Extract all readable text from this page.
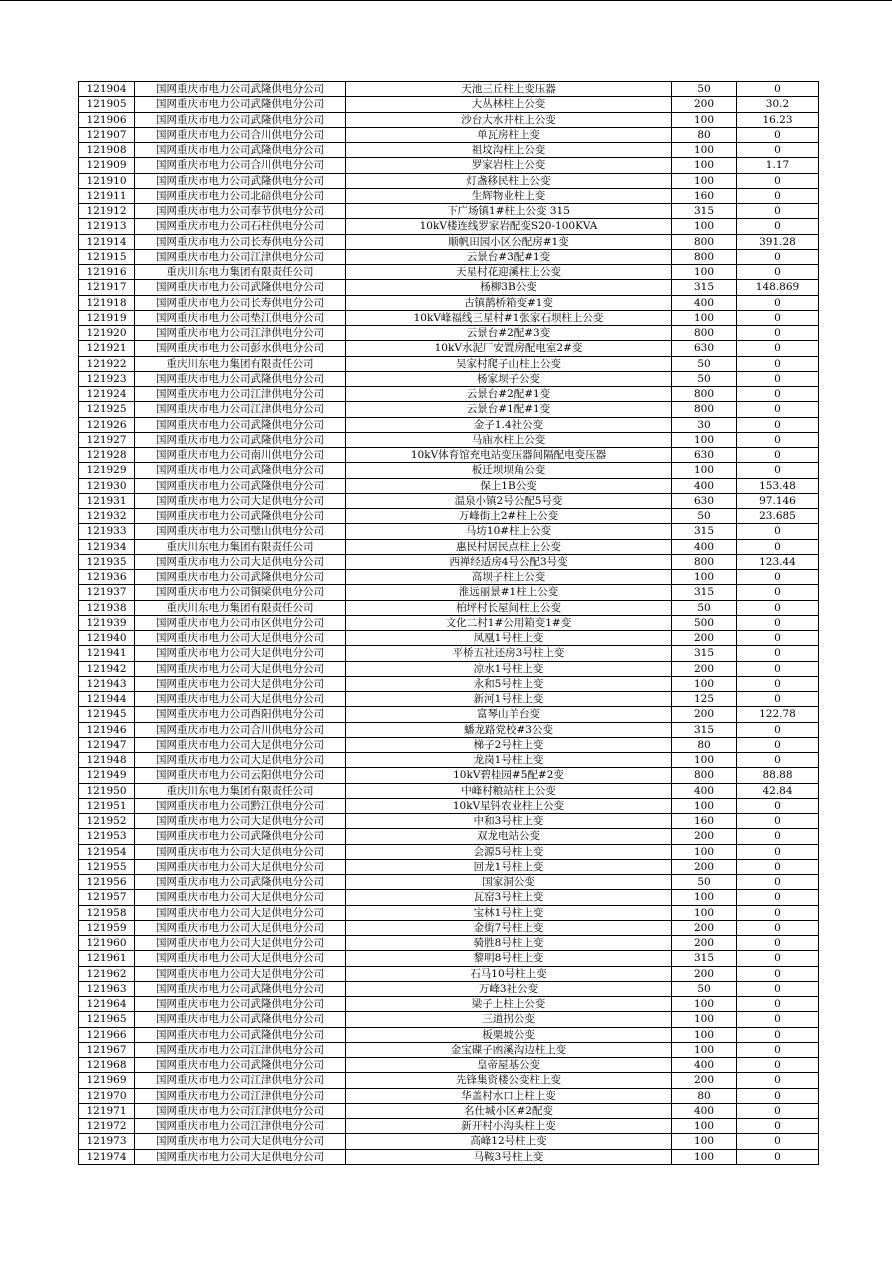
121904	国网重庆市电力公司武隆供电分公司	天池三丘柱上变压器	50	0
121905	国网重庆市电力公司武隆供电分公司	大丛林柱上公变	200	30.2
121906	国网重庆市电力公司武隆供电分公司	沙台大水井柱上公变	100	16.23
121907	国网重庆市电力公司合川供电分公司	单瓦房柱上变	80	0
121908	国网重庆市电力公司武隆供电分公司	祖坟沟柱上公变	100	0
121909	国网重庆市电力公司合川供电分公司	罗家岩柱上公变	100	1.17
121910	国网重庆市电力公司武隆供电分公司	灯盏移民柱上公变	100	0
121911	国网重庆市电力公司北碚供电分公司	生辉物业柱上变	160	0
121912	国网重庆市电力公司奉节供电分公司	下广场镇1#柱上公变 315	315	0
121913	国网重庆市电力公司石柱供电分公司	10kV楼连线罗家岩配变S20-100KVA	100	0
121914	国网重庆市电力公司长寿供电分公司	顺帆田园小区公配房#1变	800	391.28
121915	国网重庆市电力公司江津供电分公司	云景台#3配#1变	800	0
121916	重庆川东电力集团有限责任公司	天星村花迎溪柱上公变	100	0
121917	国网重庆市电力公司武隆供电分公司	杨柳3B公变	315	148.869
121918	国网重庆市电力公司长寿供电分公司	古镇鹊桥箱变#1变	400	0
121919	国网重庆市电力公司垫江供电分公司	10kV峰福线三星村#1张家石坝柱上公变	100	0
121920	国网重庆市电力公司江津供电分公司	云景台#2配#3变	800	0
121921	国网重庆市电力公司彭水供电分公司	10kV水泥厂安置房配电室2#变	630	0
121922	重庆川东电力集团有限责任公司	吴家村爬子山柱上公变	50	0
121923	国网重庆市电力公司武隆供电分公司	杨家坝子公变	50	0
121924	国网重庆市电力公司江津供电分公司	云景台#2配#1变	800	0
121925	国网重庆市电力公司江津供电分公司	云景台#1配#1变	800	0
121926	国网重庆市电力公司武隆供电分公司	金子1.4社公变	30	0
121927	国网重庆市电力公司武隆供电分公司	马庙水柱上公变	100	0
121928	国网重庆市电力公司南川供电分公司	10kV体育馆充电站变压器间隔配电变压器	630	0
121929	国网重庆市电力公司武隆供电分公司	板迁坝坝角公变	100	0
121930	国网重庆市电力公司武隆供电分公司	保上1B公变	400	153.48
121931	国网重庆市电力公司大足供电分公司	温泉小镇2号公配5号变	630	97.146
121932	国网重庆市电力公司武隆供电分公司	万峰街上2#柱上公变	50	23.685
121933	国网重庆市电力公司璧山供电分公司	马坊10#柱上公变	315	0
121934	重庆川东电力集团有限责任公司	惠民村居民点柱上公变	400	0
121935	国网重庆市电力公司大足供电分公司	西禅经适房4号公配3号变	800	123.44
121936	国网重庆市电力公司武隆供电分公司	高坝子柱上公变	100	0
121937	国网重庆市电力公司铜梁供电分公司	淮远丽景#1柱上公变	315	0
121938	重庆川东电力集团有限责任公司	柏坪村长屋间柱上公变	50	0
121939	国网重庆市电力公司市区供电分公司	文化二村1#公用箱变1#变	500	0
121940	国网重庆市电力公司大足供电分公司	凤凰1号柱上变	200	0
121941	国网重庆市电力公司大足供电分公司	平桥五社还房3号柱上变	315	0
121942	国网重庆市电力公司大足供电分公司	凉水1号柱上变	200	0
121943	国网重庆市电力公司大足供电分公司	永和5号柱上变	100	0
121944	国网重庆市电力公司大足供电分公司	新河1号柱上变	125	0
121945	国网重庆市电力公司酉阳供电分公司	富琴山羊台变	200	122.78
121946	国网重庆市电力公司合川供电分公司	蟠龙路党校#3公变	315	0
121947	国网重庆市电力公司大足供电分公司	梯子2号柱上变	80	0
121948	国网重庆市电力公司大足供电分公司	龙岗1号柱上变	100	0
121949	国网重庆市电力公司云阳供电分公司	10kV碧桂园#5配#2变	800	88.88
121950	重庆川东电力集团有限责任公司	中峰村粮站柱上公变	400	42.84
121951	国网重庆市电力公司黔江供电分公司	10kV星钭农业柱上公变	100	0
121952	国网重庆市电力公司大足供电分公司	中和3号柱上变	160	0
121953	国网重庆市电力公司武隆供电分公司	双龙电站公变	200	0
121954	国网重庆市电力公司大足供电分公司	会源5号柱上变	100	0
121955	国网重庆市电力公司大足供电分公司	回龙1号柱上变	200	0
121956	国网重庆市电力公司武隆供电分公司	国家洞公变	50	0
121957	国网重庆市电力公司大足供电分公司	瓦窑3号柱上变	100	0
121958	国网重庆市电力公司大足供电分公司	宝林1号柱上变	100	0
121959	国网重庆市电力公司大足供电分公司	金街7号柱上变	200	0
121960	国网重庆市电力公司大足供电分公司	骑胜8号柱上变	200	0
121961	国网重庆市电力公司大足供电分公司	黎明8号柱上变	315	0
121962	国网重庆市电力公司大足供电分公司	石马10号柱上变	200	0
121963	国网重庆市电力公司武隆供电分公司	万峰3社公变	50	0
121964	国网重庆市电力公司武隆供电分公司	梁子上柱上公变	100	0
121965	国网重庆市电力公司武隆供电分公司	三道拐公变	100	0
121966	国网重庆市电力公司武隆供电分公司	板栗坡公变	100	0
121967	国网重庆市电力公司江津供电分公司	金宝碟子凼溪沟边柱上变	100	0
121968	国网重庆市电力公司武隆供电分公司	皇帝屋基公变	400	0
121969	国网重庆市电力公司江津供电分公司	先锋集资楼公变柱上变	200	0
121970	国网重庆市电力公司江津供电分公司	华盖村水口上柱上变	80	0
121971	国网重庆市电力公司江津供电分公司	名仕城小区#2配变	400	0
121972	国网重庆市电力公司江津供电分公司	新开村小沟头柱上变	100	0
121973	国网重庆市电力公司大足供电分公司	高峰12号柱上变	100	0
121974	国网重庆市电力公司大足供电分公司	马鞍3号柱上变	100	0
